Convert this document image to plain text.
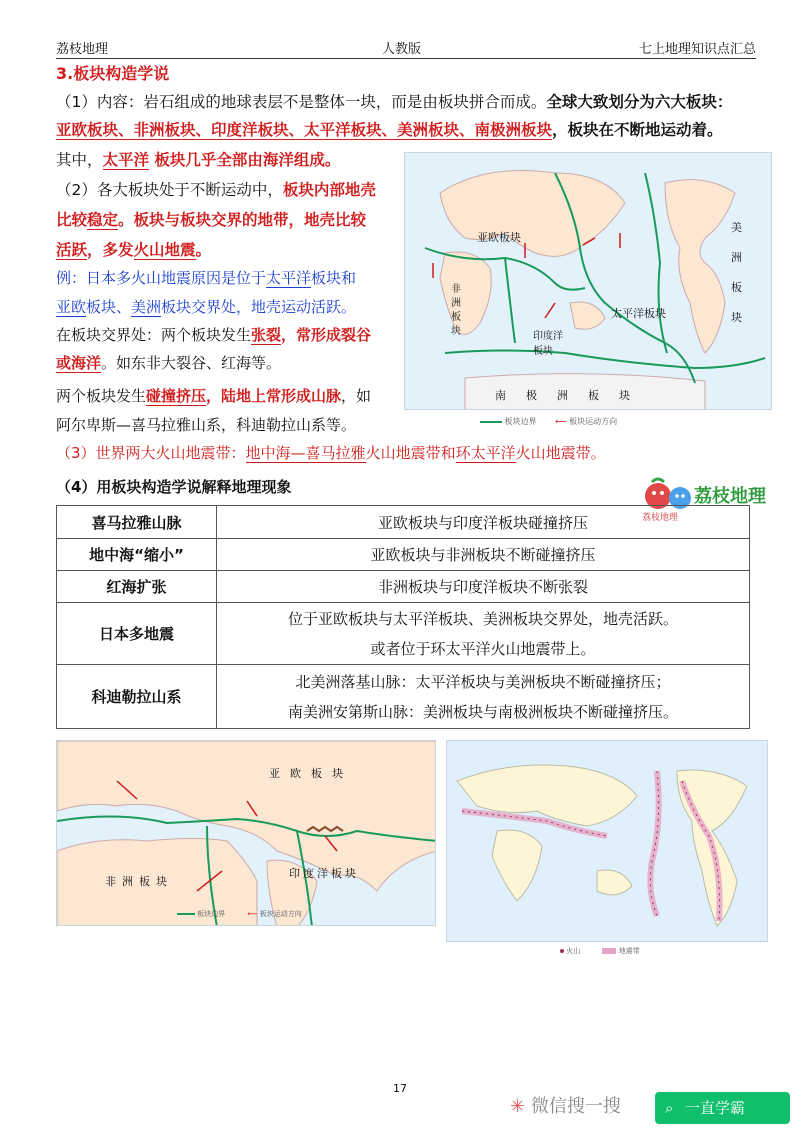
荔枝地理	人教版	七上地理知识点汇总
3.板块构造学说
（1）内容：岩石组成的地球表层不是整体一块，而是由板块拼合而成。全球大致划分为六大板块：
亚欧板块、非洲板块、印度洋板块、太平洋板块、美洲板块、南极洲板块，板块在不断地运动着。
其中，太平洋 板块几乎全部由海洋组成。
（2）各大板块处于不断运动中，板块内部地壳
比较稳定。板块与板块交界的地带，地壳比较
活跃，多发火山地震。
例：日本多火山地震原因是位于太平洋板块和
亚欧板块、美洲板块交界处，地壳运动活跃。
在板块交界处：两个板块发生张裂，常形成裂谷
或海洋。如东非大裂谷、红海等。
两个板块发生碰撞挤压，陆地上常形成山脉，如
阿尔卑斯—喜马拉雅山系，科迪勒拉山系等。
（3）世界两大火山地震带：地中海—喜马拉雅火山地震带和环太平洋火山地震带。
（4）用板块构造学说解释地理现象	荔枝地理
荔枝地理
亚欧板块
太平洋板块
非洲板块	印度洋板块
美洲板块
南极洲板块
板块边界 ⟵ 板块运动方向
喜马拉雅山脉	亚欧板块与印度洋板块碰撞挤压
地中海“缩小”	亚欧板块与非洲板块不断碰撞挤压
红海扩张	非洲板块与印度洋板块不断张裂
日本多地震	位于亚欧板块与太平洋板块、美洲板块交界处，地壳活跃。
或者位于环太平洋火山地震带上。

科迪勒拉山系	北美洲落基山脉：太平洋板块与美洲板块不断碰撞挤压；
南美洲安第斯山脉：美洲板块与南极洲板块不断碰撞挤压。
亚欧板块
非洲板块
印度洋板块
板块边界	⟵ 板块运动方向
火山	地震带
17
✳ 微信搜一搜	⌕ 一直学霸
